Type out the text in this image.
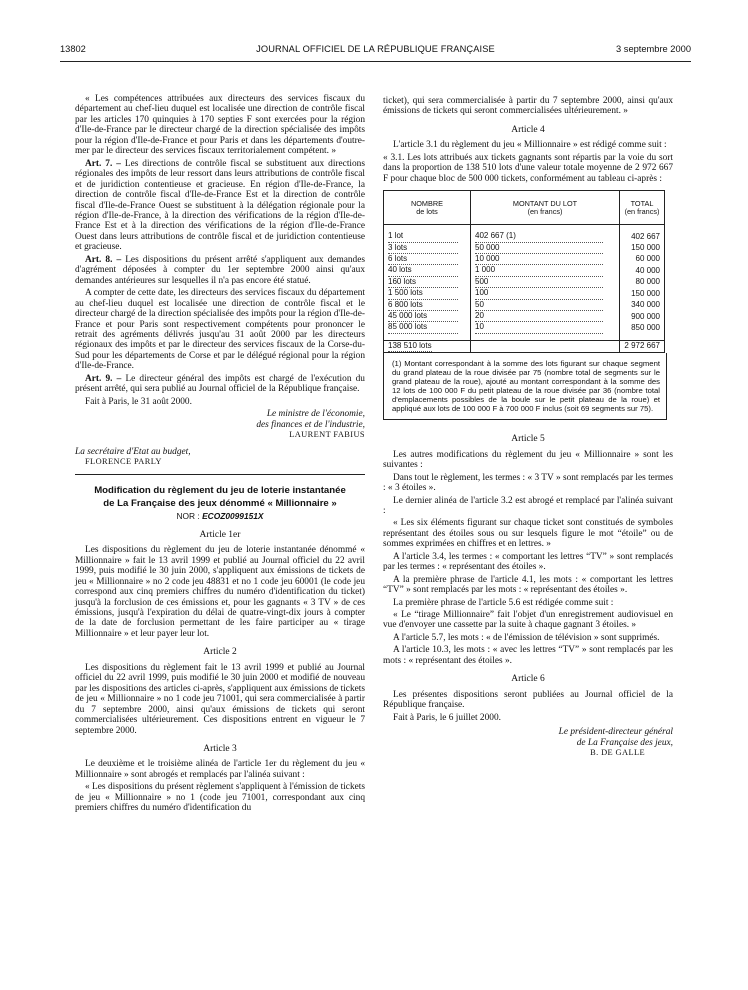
13802	JOURNAL OFFICIEL DE LA RÉPUBLIQUE FRANÇAISE	3 septembre 2000

« Les compétences attribuées aux directeurs des services fiscaux du département au chef-lieu duquel est localisée une direction de contrôle fiscal par les articles 170 quinquies à 170 septies F sont exercées pour la région d'Ile-de-France par le directeur chargé de la direction spécialisée des impôts pour la région d'Ile-de-France et pour Paris et dans les départements d'outre-mer par le directeur des services fiscaux territorialement compétent. »

Art. 7. – Les directions de contrôle fiscal se substituent aux directions régionales des impôts de leur ressort dans leurs attributions de contrôle fiscal et de juridiction contentieuse et gracieuse. En région d'Ile-de-France, la direction de contrôle fiscal d'Ile-de-France Est et la direction de contrôle fiscal d'Ile-de-France Ouest se substituent à la délégation régionale pour la région d'Ile-de-France, à la direction des vérifications de la région d'Ile-de-France Est et à la direction des vérifications de la région d'Ile-de-France Ouest dans leurs attributions de contrôle fiscal et de juridiction contentieuse et gracieuse.

Art. 8. – Les dispositions du présent arrêté s'appliquent aux demandes d'agrément déposées à compter du 1er septembre 2000 ainsi qu'aux demandes antérieures sur lesquelles il n'a pas encore été statué.

A compter de cette date, les directeurs des services fiscaux du département au chef-lieu duquel est localisée une direction de contrôle fiscal et le directeur chargé de la direction spécialisée des impôts pour la région d'Ile-de-France et pour Paris sont respectivement compétents pour prononcer le retrait des agréments délivrés jusqu'au 31 août 2000 par les directeurs régionaux des impôts et par le directeur des services fiscaux de la Corse-du-Sud pour les départements de Corse et par le délégué régional pour la région d'Ile-de-France.

Art. 9. – Le directeur général des impôts est chargé de l'exécution du présent arrêté, qui sera publié au Journal officiel de la République française.

Fait à Paris, le 31 août 2000.

Le ministre de l'économie,

des finances et de l'industrie,

LAURENT FABIUS

La secrétaire d'Etat au budget,

FLORENCE PARLY

Modification du règlement du jeu de loterie instantanée

de La Française des jeux dénommé « Millionnaire »

NOR : ECOZ0099151X

Article 1er

Les dispositions du règlement du jeu de loterie instantanée dénommé « Millionnaire » fait le 13 avril 1999 et publié au Journal officiel du 22 avril 1999, puis modifié le 30 juin 2000, s'appliquent aux émissions de tickets de jeu « Millionnaire » no 2 code jeu 48831 et no 1 code jeu 60001 (le code jeu correspond aux cinq premiers chiffres du numéro d'identification du ticket) jusqu'à la forclusion de ces émissions et, pour les gagnants « 3 TV » de ces émissions, jusqu'à l'expiration du délai de quatre-vingt-dix jours à compter de la date de forclusion permettant de les faire participer au « tirage Millionnaire » et leur payer leur lot.

Article 2

Les dispositions du règlement fait le 13 avril 1999 et publié au Journal officiel du 22 avril 1999, puis modifié le 30 juin 2000 et modifié de nouveau par les dispositions des articles ci-après, s'appliquent aux émissions de tickets de jeu « Millionnaire » no 1 code jeu 71001, qui sera commercialisée à partir du 7 septembre 2000, ainsi qu'aux émissions de tickets qui seront commercialisées ultérieurement. Ces dispositions entrent en vigueur le 7 septembre 2000.

Article 3

Le deuxième et le troisième alinéa de l'article 1er du règlement du jeu « Millionnaire » sont abrogés et remplacés par l'alinéa suivant :

« Les dispositions du présent règlement s'appliquent à l'émission de tickets de jeu « Millionnaire » no 1 (code jeu 71001, correspondant aux cinq premiers chiffres du numéro d'identification du

ticket), qui sera commercialisée à partir du 7 septembre 2000, ainsi qu'aux émissions de tickets qui seront commercialisées ultérieurement. »

Article 4

L'article 3.1 du règlement du jeu « Millionnaire » est rédigé comme suit :

« 3.1. Les lots attribués aux tickets gagnants sont répartis par la voie du sort dans la proportion de 138 510 lots d'une valeur totale moyenne de 2 972 667 F pour chaque bloc de 500 000 tickets, conformément au tableau ci-après :

NOMBRE
de lots	MONTANT DU LOT
(en francs)	TOTAL
(en francs)

1 lot	402 667 (1)	402 667
3 lots	50 000	150 000
6 lots	10 000	60 000
40 lots	1 000	40 000
160 lots	500	80 000
1 500 lots	100	150 000
6 800 lots	50	340 000
45 000 lots	20	900 000
85 000 lots	10	850 000

138 510 lots		2 972 667
(1) Montant correspondant à la somme des lots figurant sur chaque segment du grand plateau de la roue divisée par 75 (nombre total de segments sur le grand plateau de la roue), ajouté au montant correspondant à la somme des 12 lots de 100 000 F du petit plateau de la roue divisée par 36 (nombre total d'emplacements possibles de la boule sur le petit plateau de la roue) et appliqué aux lots de 100 000 F à 700 000 F inclus (soit 69 segments sur 75).

Article 5

Les autres modifications du règlement du jeu « Millionnaire » sont les suivantes :

Dans tout le règlement, les termes : « 3 TV » sont remplacés par les termes : « 3 étoiles ».

Le dernier alinéa de l'article 3.2 est abrogé et remplacé par l'alinéa suivant :

« Les six éléments figurant sur chaque ticket sont constitués de symboles représentant des étoiles sous ou sur lesquels figure le mot “étoile” ou de sommes exprimées en chiffres et en lettres. »

A l'article 3.4, les termes : « comportant les lettres “TV” » sont remplacés par les termes : « représentant des étoiles ».

A la première phrase de l'article 4.1, les mots : « comportant les lettres “TV” » sont remplacés par les mots : « représentant des étoiles ».

La première phrase de l'article 5.6 est rédigée comme suit :

« Le “tirage Millionnaire” fait l'objet d'un enregistrement audiovisuel en vue d'envoyer une cassette par la suite à chaque gagnant 3 étoiles. »

A l'article 5.7, les mots : « de l'émission de télévision » sont supprimés.

A l'article 10.3, les mots : « avec les lettres “TV” » sont remplacés par les mots : « représentant des étoiles ».

Article 6

Les présentes dispositions seront publiées au Journal officiel de la République française.

Fait à Paris, le 6 juillet 2000.

Le président-directeur général

de La Française des jeux,

B. DE GALLE
